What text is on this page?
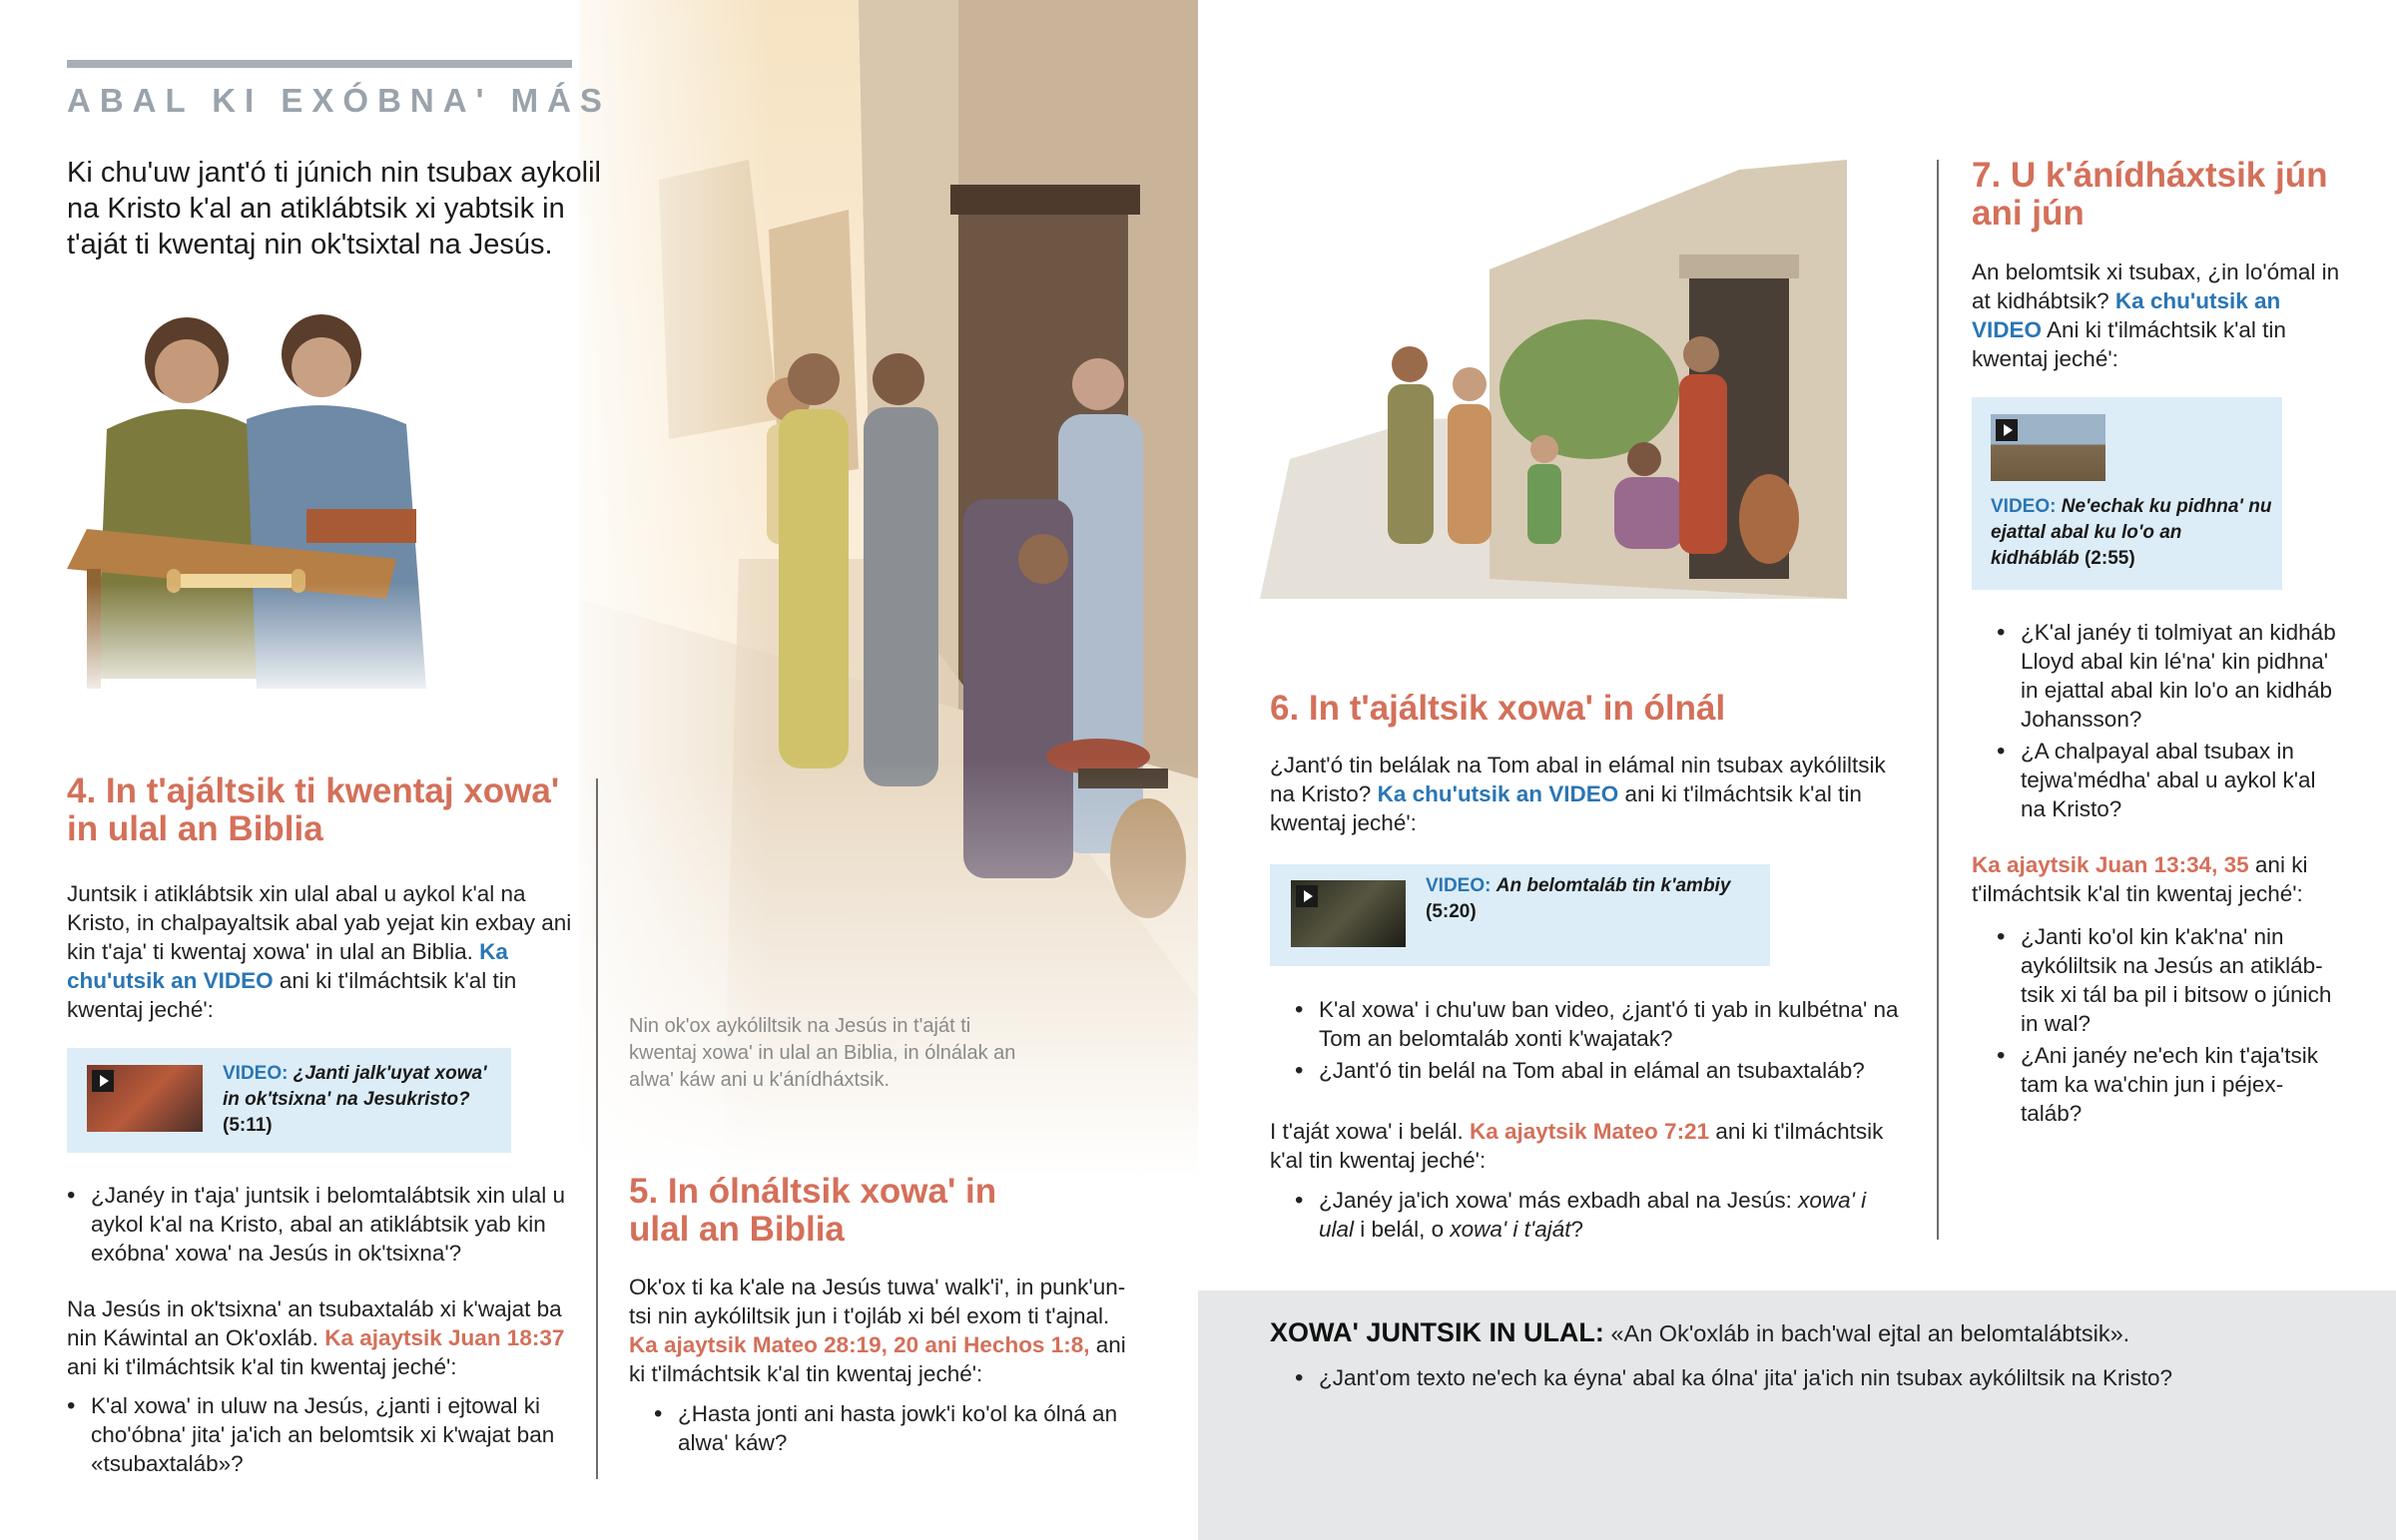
ABAL KI EXÓBNA' MÁS
Ki chu'uw jant'ó ti júnich nin tsubax aykolil na Kristo k'al an atiklábtsik xi yabtsik in t'aját ti kwentaj nin ok'tsixtal na Jesús.
4. In t'ajáltsik ti kwentaj xowa' in ulal an Biblia
Juntsik i atiklábtsik xin ulal abal u aykol k'al na Kristo, in chalpayaltsik abal yab yejat kin exbay ani kin t'aja' ti kwentaj xowa' in ulal an Biblia. Ka chu'utsik an VIDEO ani ki t'ilmáchtsik k'al tin kwentaj jeché':
VIDEO: ¿Janti jalk'uyat xowa' in ok'tsixna' na Jesukristo? (5:11)
• ¿Janéy in t'aja' juntsik i belomtalábtsik xin ulal u aykol k'al na Kristo, abal an atiklábtsik yab kin exóbna' xowa' na Jesús in ok'tsixna'?
Na Jesús in ok'tsixna' an tsubaxtaláb xi k'wajat ba nin Káwintal an Ok'oxláb. Ka ajaytsik Juan 18:37 ani ki t'ilmáchtsik k'al tin kwentaj jeché':
• K'al xowa' in uluw na Jesús, ¿janti i ejtowal ki cho'óbna' jita' ja'ich an belomtsik xi k'wajat ban «tsubaxtaláb»?
Nin ok'ox aykóliltsik na Jesús in t'aját ti kwentaj xowa' in ulal an Biblia, in ólnálak an alwa' káw ani u k'ánídháxtsik.
5. In ólnáltsik xowa' in ulal an Biblia
Ok'ox ti ka k'ale na Jesús tuwa' walk'i', in punk'untsi nin aykóliltsik jun i t'ojláb xi bél exom ti t'ajnal. Ka ajaytsik Mateo 28:19, 20 ani Hechos 1:8, ani ki t'ilmáchtsik k'al tin kwentaj jeché':
• ¿Hasta jonti ani hasta jowk'i ko'ol ka ólná an alwa' káw?
6. In t'ajáltsik xowa' in ólnál
¿Jant'ó tin belálak na Tom abal in elámal nin tsubax aykóliltsik na Kristo? Ka chu'utsik an VIDEO ani ki t'ilmáchtsik k'al tin kwentaj jeché':
VIDEO: An belomtaláb tin k'ambiy
(5:20)
• K'al xowa' i chu'uw ban video, ¿jant'ó ti yab in kulbétna' na Tom an belomtaláb xonti k'wajatak?
• ¿Jant'ó tin belál na Tom abal in elámal an tsubaxtaláb?
I t'aját xowa' i belál. Ka ajaytsik Mateo 7:21 ani ki t'ilmáchtsik k'al tin kwentaj jeché':
• ¿Janéy ja'ich xowa' más exbadh abal na Jesús: xowa' i ulal i belál, o xowa' i t'aját?
7. U k'ánídháxtsik jún ani jún
An belomtsik xi tsubax, ¿in lo'ómal in at kidhábtsik? Ka chu'utsik an VIDEO Ani ki t'ilmáchtsik k'al tin kwentaj jeché':
VIDEO: Ne'echak ku pidhna' nu ejattal abal ku lo'o an kidhábláb (2:55)
• ¿K'al janéy ti tolmiyat an kidháb Lloyd abal kin lé'na' kin pidhna' in ejattal abal kin lo'o an kidháb Johansson?
• ¿A chalpayal abal tsubax in tejwa'médha' abal u aykol k'al na Kristo?
Ka ajaytsik Juan 13:34, 35 ani ki t'ilmáchtsik k'al tin kwentaj jeché':
• ¿Janti ko'ol kin k'ak'na' nin aykóliltsik na Jesús an atiklábtsik xi tál ba pil i bitsow o júnich in wal?
• ¿Ani janéy ne'ech kin t'aja'tsik tam ka wa'chin jun i péjextaláb?
XOWA' JUNTSIK IN ULAL: «An Ok'oxláb in bach'wal ejtal an belomtalábtsik».
• ¿Jant'om texto ne'ech ka éyna' abal ka ólna' jita' ja'ich nin tsubax aykóliltsik na Kristo?
